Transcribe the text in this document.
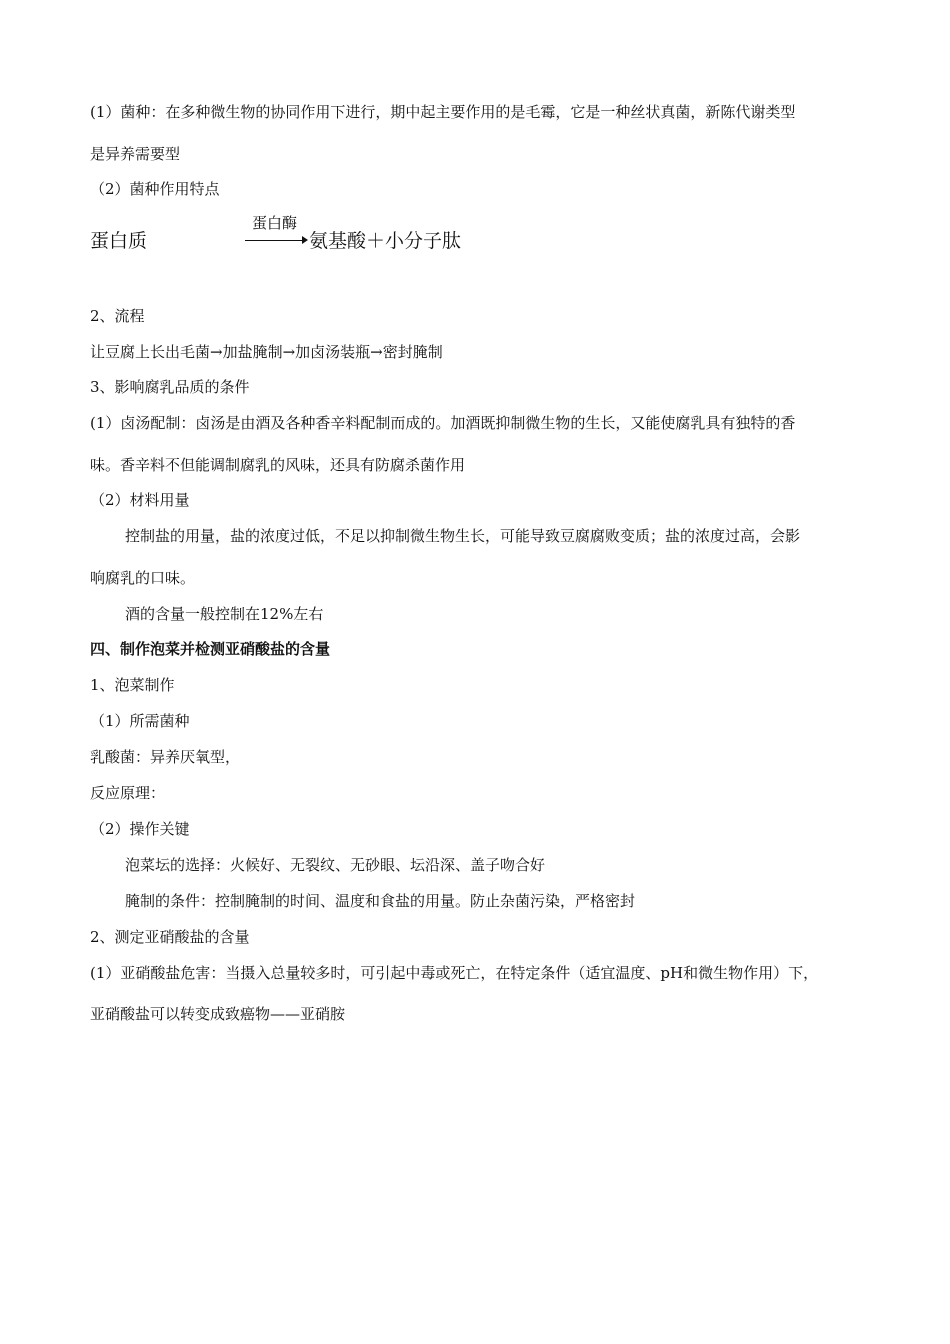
(1）菌种：在多种微生物的协同作用下进行，期中起主要作用的是毛霉，它是一种丝状真菌，新陈代谢类型
是异养需要型
（2）菌种作用特点
蛋白质
蛋白酶
氨基酸＋小分子肽
2、流程
让豆腐上长出毛菌→加盐腌制→加卤汤装瓶→密封腌制
3、影响腐乳品质的条件
(1）卤汤配制：卤汤是由酒及各种香辛料配制而成的。加酒既抑制微生物的生长，又能使腐乳具有独特的香
味。香辛料不但能调制腐乳的风味，还具有防腐杀菌作用
（2）材料用量
控制盐的用量，盐的浓度过低，不足以抑制微生物生长，可能导致豆腐腐败变质；盐的浓度过高，会影
响腐乳的口味。
酒的含量一般控制在12%左右
四、制作泡菜并检测亚硝酸盐的含量
1、泡菜制作
（1）所需菌种
乳酸菌：异养厌氧型，
反应原理：
（2）操作关键
泡菜坛的选择：火候好、无裂纹、无砂眼、坛沿深、盖子吻合好
腌制的条件：控制腌制的时间、温度和食盐的用量。防止杂菌污染，严格密封
2、测定亚硝酸盐的含量
(1）亚硝酸盐危害：当摄入总量较多时，可引起中毒或死亡，在特定条件（适宜温度、pH和微生物作用）下，
亚硝酸盐可以转变成致癌物——亚硝胺
